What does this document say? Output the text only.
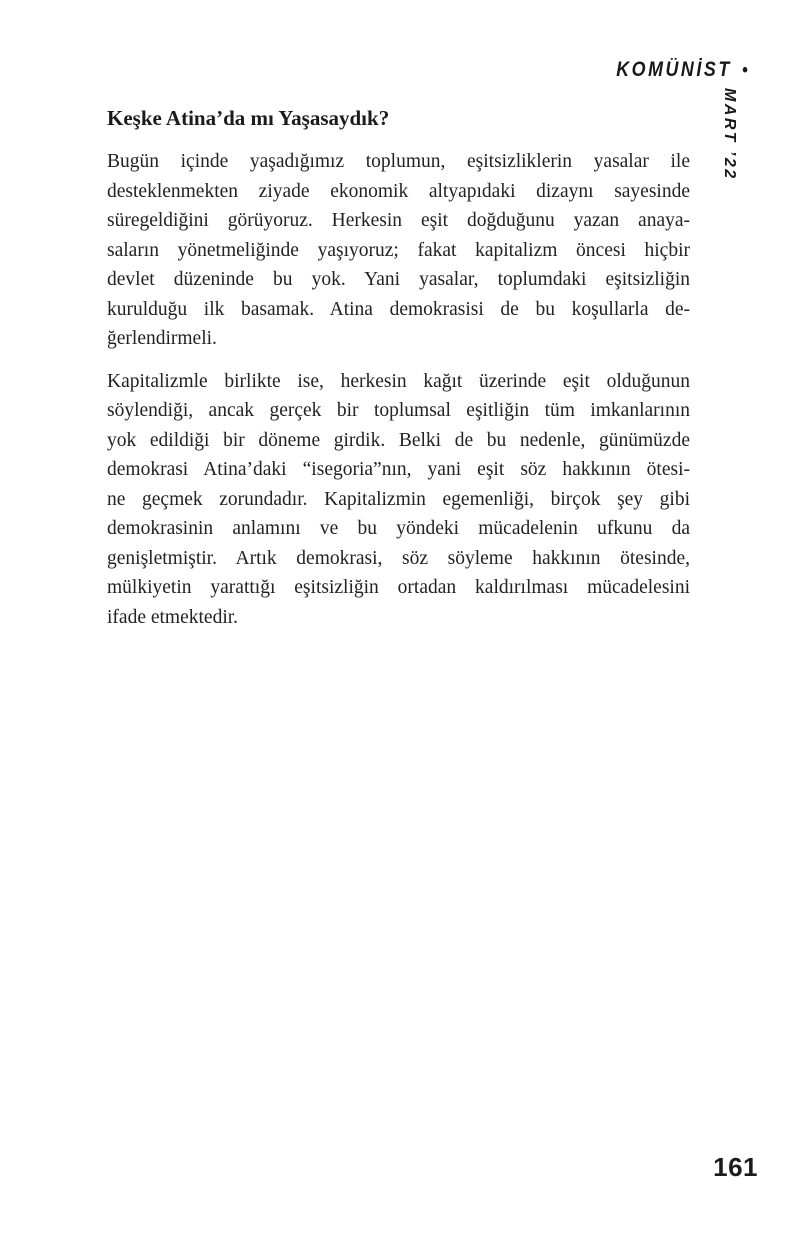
KOMÜNİST •
MART ’22
Keşke Atina’da mı Yaşasaydık?
Bugün içinde yaşadığımız toplumun, eşitsizliklerin yasalar ile
desteklenmekten ziyade ekonomik altyapıdaki dizaynı sayesinde
süregeldiğini görüyoruz. Herkesin eşit doğduğunu yazan anaya-
saların yönetmeliğinde yaşıyoruz; fakat kapitalizm öncesi hiçbir
devlet düzeninde bu yok. Yani yasalar, toplumdaki eşitsizliğin
kurulduğu ilk basamak. Atina demokrasisi de bu koşullarla de-
ğerlendirmeli.
Kapitalizmle birlikte ise, herkesin kağıt üzerinde eşit olduğunun
söylendiği, ancak gerçek bir toplumsal eşitliğin tüm imkanlarının
yok edildiği bir döneme girdik. Belki de bu nedenle, günümüzde
demokrasi Atina’daki “isegoria”nın, yani eşit söz hakkının ötesi-
ne geçmek zorundadır. Kapitalizmin egemenliği, birçok şey gibi
demokrasinin anlamını ve bu yöndeki mücadelenin ufkunu da
genişletmiştir. Artık demokrasi, söz söyleme hakkının ötesinde,
mülkiyetin yarattığı eşitsizliğin ortadan kaldırılması mücadelesini
ifade etmektedir.
161
